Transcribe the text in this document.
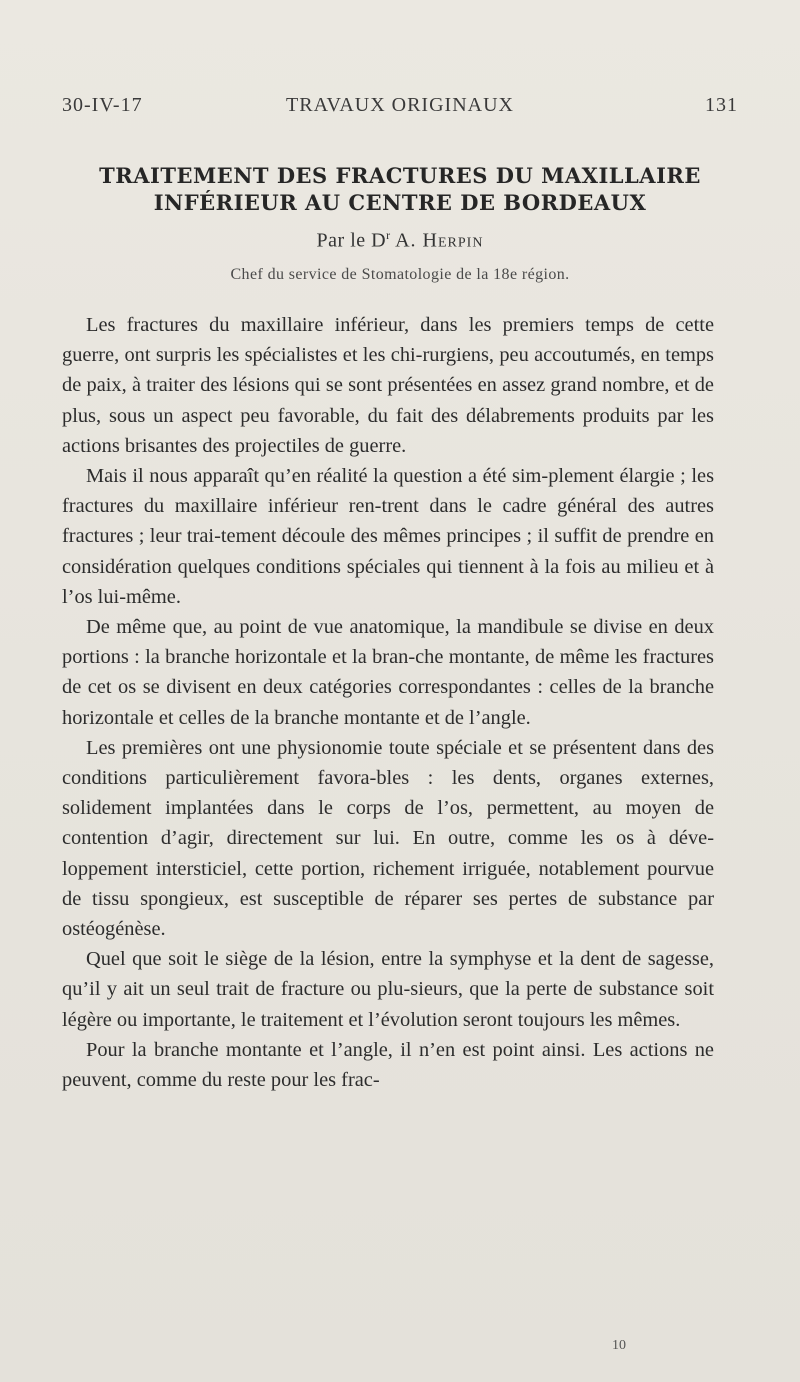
30-IV-17	TRAVAUX ORIGINAUX	131
TRAITEMENT DES FRACTURES DU MAXILLAIRE
INFÉRIEUR AU CENTRE DE BORDEAUX
Par le $D^r$ A. Herpin
Chef du service de Stomatologie de la 18e région.

Les fractures du maxillaire inférieur, dans les premiers temps de cette guerre, ont surpris les spécialistes et les chi-rurgiens, peu accoutumés, en temps de paix, à traiter des lésions qui se sont présentées en assez grand nombre, et de plus, sous un aspect peu favorable, du fait des délabrements produits par les actions brisantes des projectiles de guerre.

Mais il nous apparaît qu’en réalité la question a été sim-plement élargie ; les fractures du maxillaire inférieur ren-trent dans le cadre général des autres fractures ; leur trai-tement découle des mêmes principes ; il suffit de prendre en considération quelques conditions spéciales qui tiennent à la fois au milieu et à l’os lui-même.

De même que, au point de vue anatomique, la mandibule se divise en deux portions : la branche horizontale et la bran-che montante, de même les fractures de cet os se divisent en deux catégories correspondantes : celles de la branche horizontale et celles de la branche montante et de l’angle.

Les premières ont une physionomie toute spéciale et se présentent dans des conditions particulièrement favora-bles : les dents, organes externes, solidement implantées dans le corps de l’os, permettent, au moyen de contention d’agir, directement sur lui. En outre, comme les os à déve-loppement intersticiel, cette portion, richement irriguée, notablement pourvue de tissu spongieux, est susceptible de réparer ses pertes de substance par ostéogénèse.

Quel que soit le siège de la lésion, entre la symphyse et la dent de sagesse, qu’il y ait un seul trait de fracture ou plu-sieurs, que la perte de substance soit légère ou importante, le traitement et l’évolution seront toujours les mêmes.

Pour la branche montante et l’angle, il n’en est point ainsi. Les actions ne peuvent, comme du reste pour les frac-

10
